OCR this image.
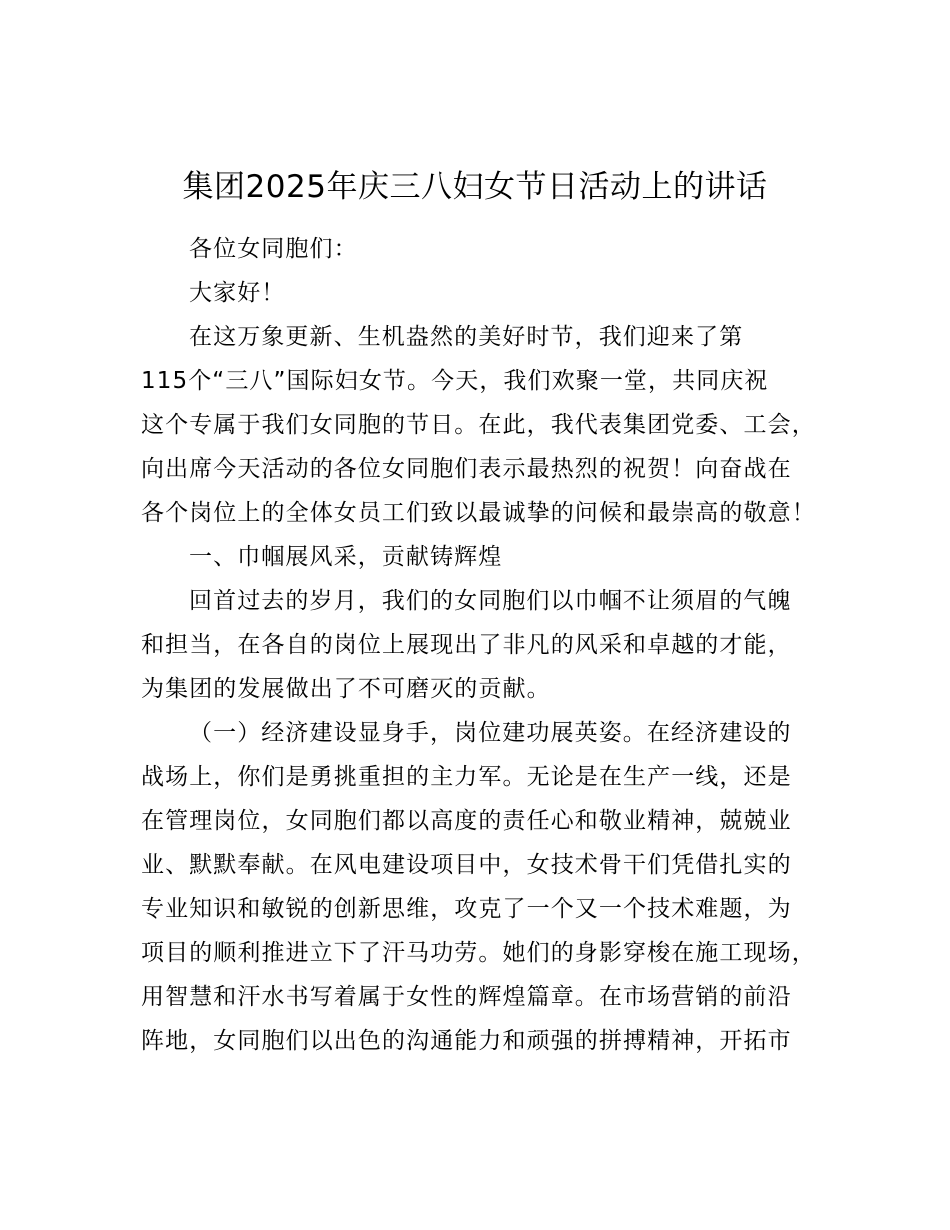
集团2025年庆三八妇女节日活动上的讲话
各位女同胞们：
大家好！
在这万象更新、生机盎然的美好时节，我们迎来了第
115个“三八”国际妇女节。今天，我们欢聚一堂，共同庆祝
这个专属于我们女同胞的节日。在此，我代表集团党委、工会，
向出席今天活动的各位女同胞们表示最热烈的祝贺！向奋战在
各个岗位上的全体女员工们致以最诚挚的问候和最崇高的敬意！
一、巾帼展风采，贡献铸辉煌
回首过去的岁月，我们的女同胞们以巾帼不让须眉的气魄
和担当，在各自的岗位上展现出了非凡的风采和卓越的才能，
为集团的发展做出了不可磨灭的贡献。
（一）经济建设显身手，岗位建功展英姿。在经济建设的
战场上，你们是勇挑重担的主力军。无论是在生产一线，还是
在管理岗位，女同胞们都以高度的责任心和敬业精神，兢兢业
业、默默奉献。在风电建设项目中，女技术骨干们凭借扎实的
专业知识和敏锐的创新思维，攻克了一个又一个技术难题，为
项目的顺利推进立下了汗马功劳。她们的身影穿梭在施工现场，
用智慧和汗水书写着属于女性的辉煌篇章。在市场营销的前沿
阵地，女同胞们以出色的沟通能力和顽强的拼搏精神，开拓市
